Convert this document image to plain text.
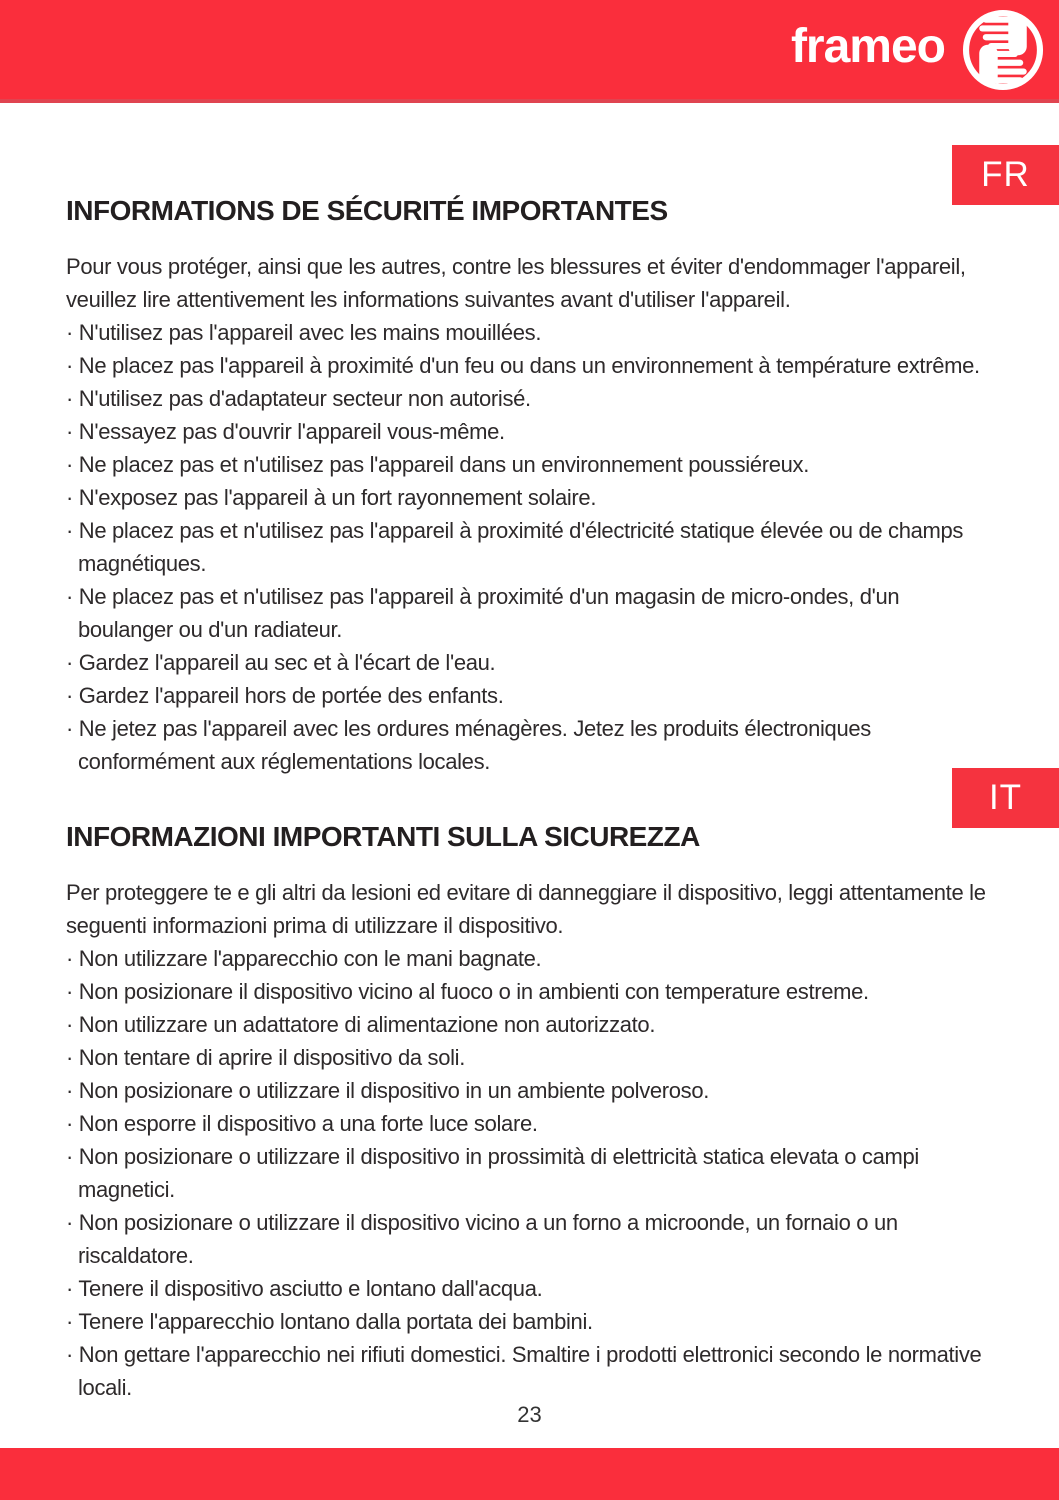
frameo
FR
IT
INFORMATIONS DE SÉCURITÉ IMPORTANTES

Pour vous protéger, ainsi que les autres, contre les blessures et éviter d'endommager l'appareil, veuillez lire attentivement les informations suivantes avant d'utiliser l'appareil.

· N'utilisez pas l'appareil avec les mains mouillées.
· Ne placez pas l'appareil à proximité d'un feu ou dans un environnement à température extrême.
· N'utilisez pas d'adaptateur secteur non autorisé.
· N'essayez pas d'ouvrir l'appareil vous-même.
· Ne placez pas et n'utilisez pas l'appareil dans un environnement poussiéreux.
· N'exposez pas l'appareil à un fort rayonnement solaire.
· Ne placez pas et n'utilisez pas l'appareil à proximité d'électricité statique élevée ou de champs magnétiques.
· Ne placez pas et n'utilisez pas l'appareil à proximité d'un magasin de micro-ondes, d'un boulanger ou d'un radiateur.
· Gardez l'appareil au sec et à l'écart de l'eau.
· Gardez l'appareil hors de portée des enfants.
· Ne jetez pas l'appareil avec les ordures ménagères. Jetez les produits électroniques conformément aux réglementations locales.
INFORMAZIONI IMPORTANTI SULLA SICUREZZA

Per proteggere te e gli altri da lesioni ed evitare di danneggiare il dispositivo, leggi attentamente le seguenti informazioni prima di utilizzare il dispositivo.

· Non utilizzare l'apparecchio con le mani bagnate.
· Non posizionare il dispositivo vicino al fuoco o in ambienti con temperature estreme.
· Non utilizzare un adattatore di alimentazione non autorizzato.
· Non tentare di aprire il dispositivo da soli.
· Non posizionare o utilizzare il dispositivo in un ambiente polveroso.
· Non esporre il dispositivo a una forte luce solare.
· Non posizionare o utilizzare il dispositivo in prossimità di elettricità statica elevata o campi magnetici.
· Non posizionare o utilizzare il dispositivo vicino a un forno a microonde, un fornaio o un riscaldatore.
· Tenere il dispositivo asciutto e lontano dall'acqua.
· Tenere l'apparecchio lontano dalla portata dei bambini.
· Non gettare l'apparecchio nei rifiuti domestici. Smaltire i prodotti elettronici secondo le normative locali.
23
